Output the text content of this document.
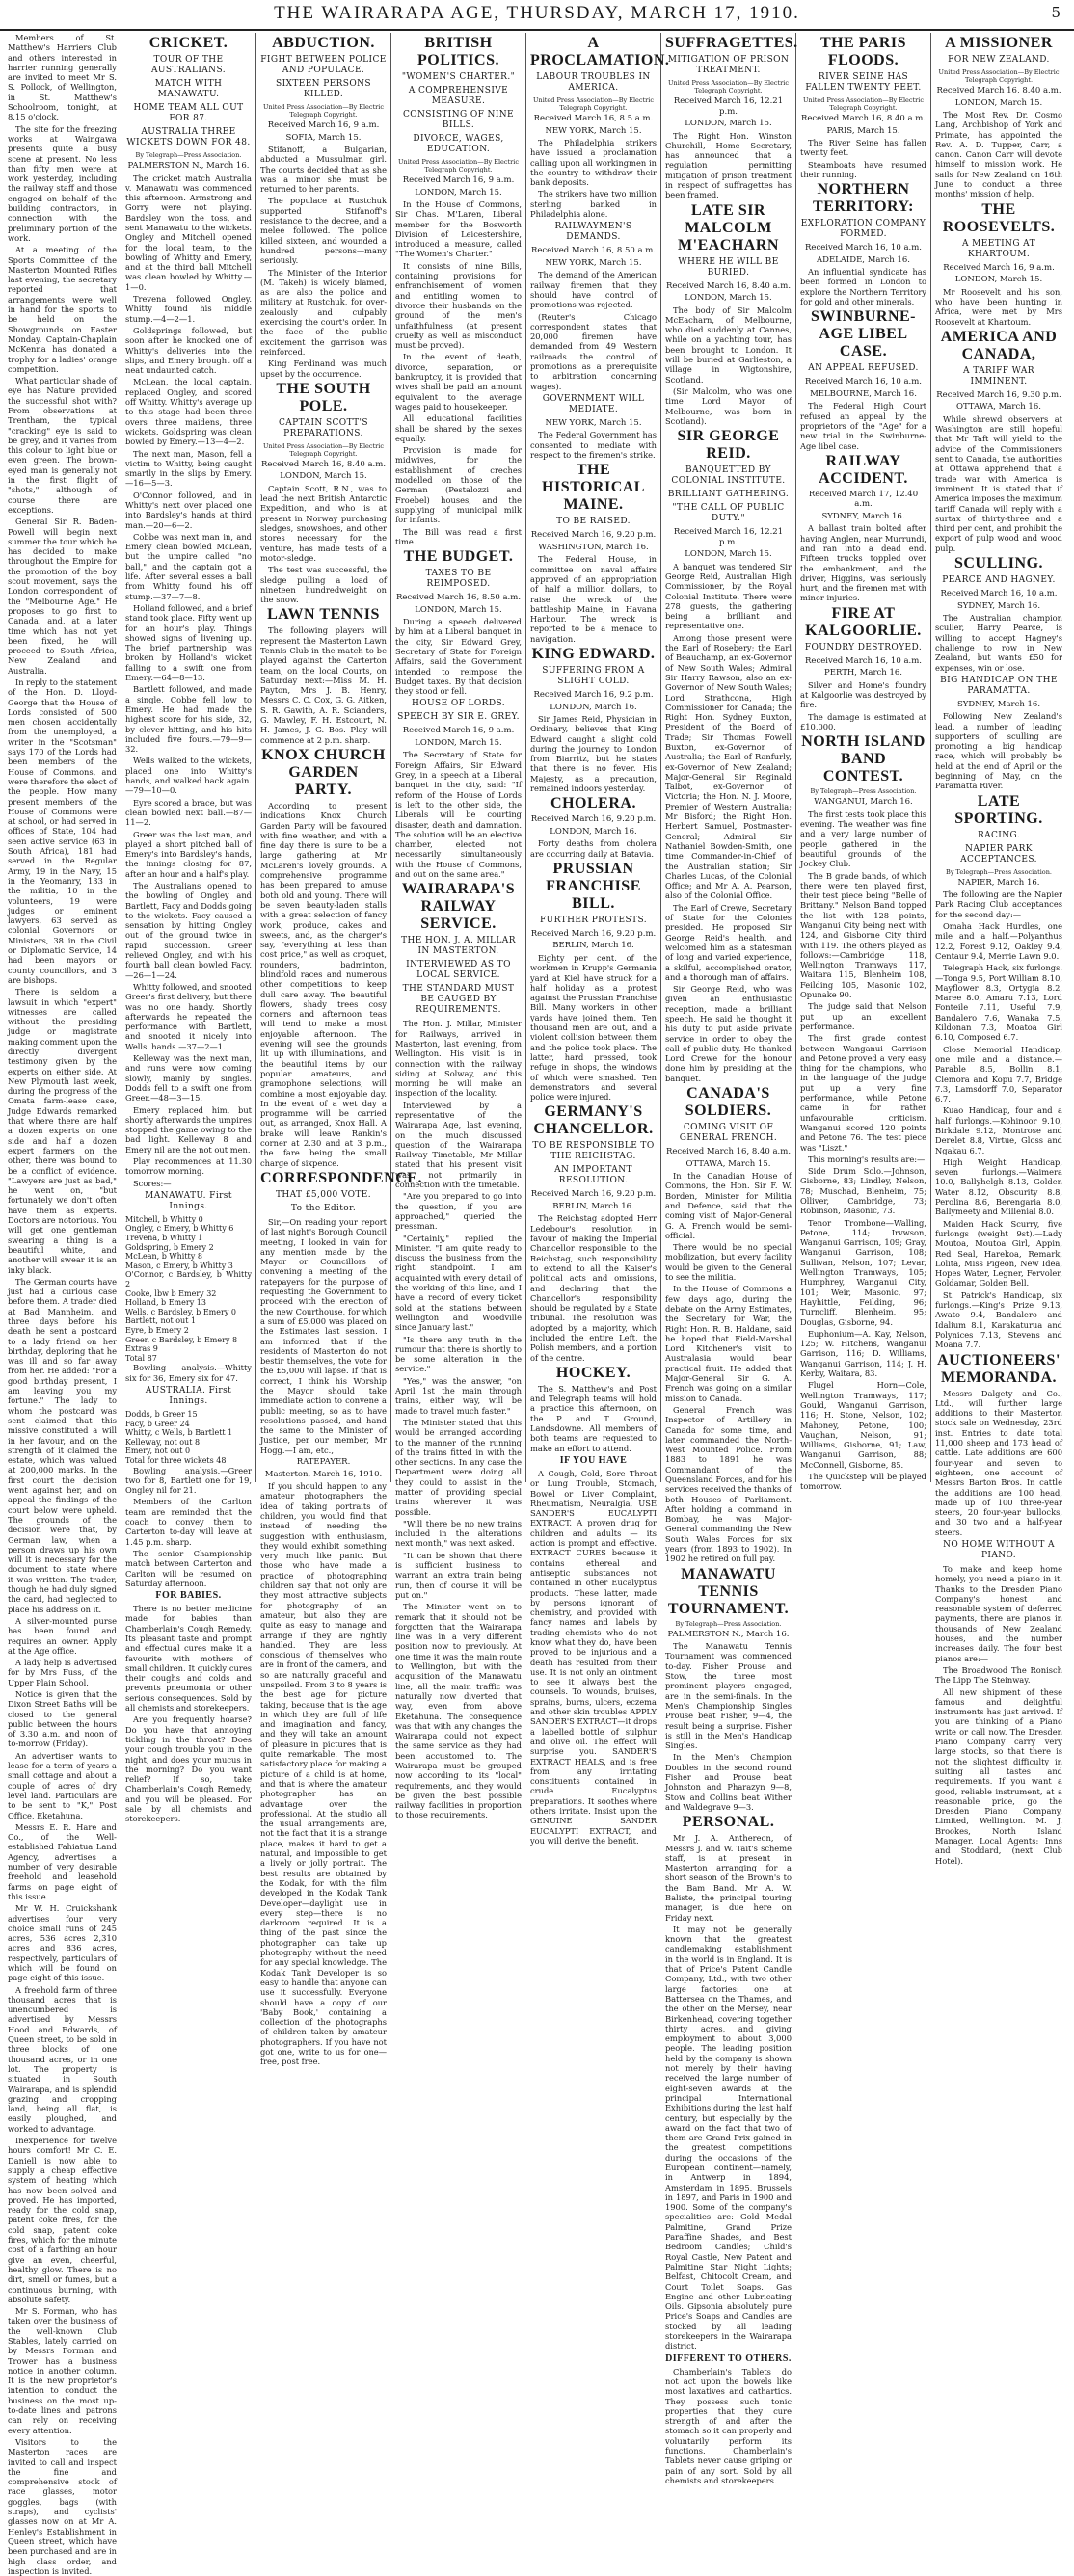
THE WAIRARAPA AGE, THURSDAY, MARCH 17, 1910.	5

Members of St. Matthew's Harriers Club and others interested in harrier running generally are invited to meet Mr S. S. Pollock, of Wellington, in St. Matthew's Schoolroom, tonight, at 8.15 o'clock.

The site for the freezing works at Waingawa presents quite a busy scene at present. No less than fifty men were at work yesterday, including the railway staff and those engaged on behalf of the building contractors, in connection with the preliminary portion of the work.

At a meeting of the Sports Committee of the Masterton Mounted Rifles last evening, the secretary reported that arrangements were well in hand for the sports to be held on the Showgrounds on Easter Monday. Captain-Chaplain McKenna has donated a trophy for a ladies' orange competition.

What particular shade of eye has Nature provided the successful shot with? From observations at Trentham, the typical "cracking" eye is said to be grey, and it varies from this colour to light blue or even green. The brown-eyed man is generally not in the first flight of "shots," although of course there are exceptions.

General Sir R. Baden-Powell will begin next summer the tour which he has decided to make throughout the Empire for the promotion of the boy scout movement, says the London correspondent of the "Melbourne Age." He proposes to go first to Canada, and, at a later time which has not yet been fixed, he will proceed to South Africa, New Zealand and Australia.

In reply to the statement of the Hon. D. Lloyd-George that the House of Lords consisted of 500 men chosen accidentally from the unemployed, a writer in the "Scotsman" says 170 of the Lords had been members of the House of Commons, and were therefore the elect of the people. How many present members of the House of Commons were at school, or had served in offices of State, 104 had seen active service (63 in South Africa), 181 had served in the Regular Army, 19 in the Navy, 15 in the Yeomanry, 133 in the militia, 10 in the volunteers, 19 were judges or eminent lawyers, 63 served as colonial Governors or Ministers, 38 in the Civil or Diplomatic Service, 14 had been mayors or county councillors, and 3 are bishops.

There is seldom a lawsuit in which "expert" witnesses are called without the presiding judge or magistrate making comment upon the directly divergent testimony given by the experts on either side. At New Plymouth last week, during the progress of the Omata farm-lease case, Judge Edwards remarked that where there are half a dozen experts on one side and half a dozen expert farmers on the other, there was bound to be a conflict of evidence. "Lawyers are just as bad," he went on, "but fortunately we don't often have them as experts. Doctors are notorious. You will get one gentleman swearing a thing is a beautiful white, and another will swear it is an inky black.

The German courts have just had a curious case before them. A trader died at Bad Mannheim, and three days before his death he sent a postcard to a lady friend on her birthday, deploring that he was ill and so far away from her. He added: "For a good birthday present, I am leaving you my fortune." The lady to whom the postcard was sent claimed that this missive constituted a will in her favour, and on the strength of it claimed the estate, which was valued at 200,000 marks. In the first court the decision went against her, and on appeal the findings of the court below were upheld. The grounds of the decision were that, by German law, when a person draws up his own will it is necessary for the document to state where it was written. The trader, though he had duly signed the card, had neglected to place his address on it.

A silver-mounted purse has been found and requires an owner. Apply at the Age office.

A lady help is advertised for by Mrs Fuss, of the Upper Plain School.

Notice is given that the Dixon Street Baths will be closed to the general public between the hours of 3.30 a.m. and noon of to-morrow (Friday).

An advertiser wants to lease for a term of years a small cottage and about a couple of acres of dry level land. Particulars are to be sent to "K," Post Office, Eketahuna.

Messrs E. R. Hare and Co., of the Well-established Fahiatua Land Agency, advertises a number of very desirable freehold and leasehold farms on page eight of this issue.

Mr W. H. Cruickshank advertises four very choice small runs of 245 acres, 536 acres 2,310 acres and 836 acres, respectively, particulars of which will be found on page eight of this issue.

A freehold farm of three thousand acres that is unencumbered is advertised by Messrs Hood and Edwards, of Queen street, to be sold in three blocks of one thousand acres, or in one lot. The property is situated in South Wairarapa, and is splendid grazing and cropping land, being all flat, is easily ploughed, and worked to advantage.

Inexperience for twelve hours comfort! Mr C. E. Daniell is now able to supply a cheap effective system of heating which has now been solved and proved. He has imported, ready for the cold snap, patent coke fires, for the cold snap, patent coke fires, which for the minute cost of a farthing an hour give an even, cheerful, healthy glow. There is no dirt, smell or fumes, but a continuous burning, with absolute safety.

Mr S. Forman, who has taken over the business of the well-known Club Stables, lately carried on by Messrs Forman and Trower has a business notice in another column. It is the new proprietor's intention to conduct the business on the most up-to-date lines and patrons can rely on receiving every attention.

Visitors to the Masterton races are invited to call and inspect the fine and comprehensive stock of race glasses, motor goggles, bags (with straps), and cyclists' glasses now on at Mr A. Henley's Establishment in Queen street, which have been purchased and are in high class order, and inspection is invited.

CRICKET.
TOUR OF THE AUSTRALIANS.
MATCH WITH MANAWATU.
HOME TEAM ALL OUT FOR 87.
AUSTRALIA THREE WICKETS DOWN FOR 48.
By Telegraph—Press Association.
PALMERSTON N., March 16.

The cricket match Australia v. Manawatu was commenced this afternoon. Armstrong and Gorry were not playing. Bardsley won the toss, and sent Manawatu to the wickets. Ongley and Mitchell opened for the local team, to the bowling of Whitty and Emery, and at the third ball Mitchell was clean bowled by Whitty.—1—0.

Trevena followed Ongley. Whitty found his middle stump.—4—2—1.

Goldsprings followed, but soon after he knocked one of Whitty's deliveries into the slips, and Emery brought off a neat undaunted catch.

McLean, the local captain, replaced Ongley, and scored off Whitty. Whitty's average up to this stage had been three overs three maidens, three wickets. Goldspring was clean bowled by Emery.—13—4—2.

The next man, Mason, fell a victim to Whitty, being caught smartly in the slips by Emery.—16—5—3.

O'Connor followed, and in Whitty's next over placed one into Bardsley's hands at third man.—20—6—2.

Cobbe was next man in, and Emery clean bowled McLean, but the umpire called "no ball," and the captain got a life. After several esses a ball from Whitty found his off stump.—37—7—8.

Holland followed, and a brief stand took place. Fifty went up for an hour's play. Things showed signs of livening up. The brief partnership was broken by Holland's wicket falling to a swift one from Emery.—64—8—13.

Bartlett followed, and made a single. Cobbe fell low to Emery. He had made the highest score for his side, 32, by clever hitting, and his hits included five fours.—79—9—32.

Wells walked to the wickets, placed one into Whitty's hands, and walked back again.—79—10—0.

Eyre scored a brace, but was clean bowled next ball.—87—11—2.

Greer was the last man, and played a short pitched ball of Emery's into Bardsley's hands, the innings closing for 87, after an hour and a half's play.

The Australians opened to the bowling of Ongley and Bartlett, Facy and Dodds going to the wickets. Facy caused a sensation by hitting Ongley out of the ground twice in rapid succession. Greer relieved Ongley, and with his fourth ball clean bowled Facy.—26—1—24.

Whitty followed, and snooted Greer's first delivery, but there was no one handy. Shortly afterwards he repeated the performance with Bartlett, and snooted it nicely into Wells' hands.—37—2—1.

Kelleway was the next man, and runs were now coming slowly, mainly by singles. Dodds fell to a swift one from Greer.—48—3—15.

Emery replaced him, but shortly afterwards the umpires stopped the game owing to the bad light. Kelleway 8 and Emery nil are the not out men.

Play recommences at 11.30 tomorrow morning.

Scores:—

MANAWATU. First Innings.
Mitchell, b Whitty 0
Ongley, c Emery, b Whitty 6
Trevena, b Whitty 1
Goldspring, b Emery 2
McLean, b Whitty 8
Mason, c Emery, b Whitty 3
O'Connor, c Bardsley, b Whitty 2
Cooke, lbw b Emery 32
Holland, b Emery 13
Wells, c Bardsley, b Emery 0
Bartlett, not out 1
Eyre, b Emery 2
Greer, c Bardsley, b Emery 8
Extras 9
Total 87

Bowling analysis.—Whitty six for 36, Emery six for 47.

AUSTRALIA. First Innings.
Dodds, b Greer 15
Facy, b Greer 24
Whitty, c Wells, b Bartlett 1
Kelleway, not out 8
Emery, not out 0
Total for three wickets 48

Bowling analysis.—Greer two for 8, Bartlett one for 19, Ongley nil for 21.

Members of the Carlton team are reminded that the coach to convey them to Carterton to-day will leave at 1.45 p.m. sharp.

The senior Championship match between Carterton and Carlton will be resumed on Saturday afternoon.

FOR BABIES.

There is no better medicine made for babies than Chamberlain's Cough Remedy. Its pleasant taste and prompt and effectual cures make it a favourite with mothers of small children. It quickly cures their coughs and colds and prevents pneumonia or other serious consequences. Sold by all chemists and storekeepers.

Are you frequently hoarse? Do you have that annoying tickling in the throat? Does your cough trouble you in the night, and does your mucus in the morning? Do you want relief? If so, take Chamberlain's Cough Remedy, and you will be pleased. For sale by all chemists and storekeepers.

ABDUCTION.
FIGHT BETWEEN POLICE AND POPULACE.
SIXTEEN PERSONS KILLED.
United Press Association—By Electric Telegraph Copyright.
Received March 16, 9 a.m.
SOFIA, March 15.

Stifanoff, a Bulgarian, abducted a Mussulman girl. The courts decided that as she was a minor she must be returned to her parents.

The populace at Rustchuk supported Stifanoff's resistance to the decree, and a melee followed. The police killed sixteen, and wounded a hundred persons—many seriously.

The Minister of the Interior (M. Takeh) is widely blamed, as are also the police and military at Rustchuk, for over-zealously and culpably exercising the court's order. In the face of the public excitement the garrison was reinforced.

King Ferdinand was much upset by the occurrence.

THE SOUTH POLE.
CAPTAIN SCOTT'S PREPARATIONS.
United Press Association—By Electric Telegraph Copyright.
Received March 16, 8.40 a.m.
LONDON, March 15.

Captain Scott, R.N., was to lead the next British Antarctic Expedition, and who is at present in Norway purchasing sledges, snowshoes, and other stores necessary for the venture, has made tests of a motor-sledge.

The test was successful, the sledge pulling a load of nineteen hundredweight on the snow.

LAWN TENNIS

The following players will represent the Masterton Lawn Tennis Club in the match to be played against the Carterton team, on the local Courts, on Saturday next:—Miss M. H. Payton, Mrs J. B. Henry, Messrs C. C. Cox, G. G. Aitken, S. R. Gawith, A. R. Scianders, G. Mawley, F. H. Estcourt, N. H. James, J. G. Bos. Play will commence at 2 p.m. sharp.

KNOX CHURCH GARDEN PARTY.

According to present indications Knox Church Garden Party will be favoured with fine weather, and with a fine day there is sure to be a large gathering at Mr McLaren's lovely grounds. A comprehensive programme has been prepared to amuse both old and young. There will be seven beauty-laden stalls with a great selection of fancy work, produce, cakes and sweets, and, as the charger's say, "everything at less than cost price," as well as croquet, rounders, badminton, blindfold races and numerous other competitions to keep dull care away. The beautiful flowers, shady trees cosy corners and afternoon teas will tend to make a most enjoyable afternoon. The evening will see the grounds lit up with illuminations, and the beautiful items by our popular amateurs, and gramophone selections, will combine a most enjoyable day. In the event of a wet day a programme will be carried out, as arranged, Knox Hall. A brake will leave Rankin's corner at 2.30 and at 3 p.m., the fare being the small charge of sixpence.

CORRESPONDENCE.
THAT £5,000 VOTE.
To the Editor.

Sir,—On reading your report of last night's Borough Council meeting, I looked in vain for any mention made by the Mayor or Councillors of convening a meeting of the ratepayers for the purpose of requesting the Government to proceed with the erection of the new Courthouse, for which a sum of £5,000 was placed on the Estimates last session. I am informed that if the residents of Masterton do not bestir themselves, the vote for the £5,000 will lapse. If that is correct, I think his Worship the Mayor should take immediate action to convene a public meeting, so as to have resolutions passed, and hand the same to the Minister of Justice, per our member, Mr Hogg.—I am, etc.,

RATEPAYER.
Masterton, March 16, 1910.

If you should happen to any amateur photographers the idea of taking portraits of children, you would find that instead of needing the suggestion with enthusiasm, they would exhibit something very much like panic. But those who have made a practice of photographing children say that not only are they most attractive subjects for photography of an amateur, but also they are quite as easy to manage and arrange if they are rightly handled. They are less conscious of themselves who are in front of the camera, and so are naturally graceful and unspoiled. From 3 to 8 years is the best age for picture taking, because that is the age in which they are full of life and imagination and fancy, and they will take an amount of pleasure in pictures that is quite remarkable. The most satisfactory place for making a picture of a child is at home, and that is where the amateur photographer has an advantage over the professional. At the studio all the usual arrangements are, not the fact that it is a strange place, makes it hard to get a natural, and impossible to get a lively or jolly portrait. The best results are obtained by the Kodak, for with the film developed in the Kodak Tank Developer—daylight use in every step—there is no darkroom required. It is a thing of the past since the photographer can take up photography without the need for any special knowledge. The Kodak Tank Developer is so easy to handle that anyone can use it successfully. Everyone should have a copy of our 'Baby Book,' containing a collection of the photographs of children taken by amateur photographers. If you have not got one, write to us for one—free, post free.

BRITISH POLITICS.
"WOMEN'S CHARTER."
A COMPREHENSIVE MEASURE.
CONSISTING OF NINE BILLS.
DIVORCE, WAGES, EDUCATION.
United Press Association—By Electric Telegraph Copyright.
Received March 16, 9 a.m.
LONDON, March 15.

In the House of Commons, Sir Chas. M'Laren, Liberal member for the Bosworth Division of Leicestershire, introduced a measure, called "The Women's Charter."

It consists of nine Bills, containing provisions for enfranchisement of women and entitling women to divorce their husbands on the ground of the men's unfaithfulness (at present cruelty as well as misconduct must be proved).

In the event of death, divorce, separation, or bankruptcy, it is provided that wives shall be paid an amount equivalent to the average wages paid to housekeeper.

All educational facilities shall be shared by the sexes equally.

Provision is made for midwives, for the establishment of creches modelled on those of the German (Pestalozzi and Froebel) houses, and the supplying of municipal milk for infants.

The Bill was read a first time.

THE BUDGET.
TAXES TO BE REIMPOSED.
Received March 16, 8.50 a.m.
LONDON, March 15.

During a speech delivered by him at a Liberal banquet in the city, Sir Edward Grey, Secretary of State for Foreign Affairs, said the Government intended to reimpose the Budget taxes. By that decision they stood or fell.

HOUSE OF LORDS.
SPEECH BY SIR E. GREY.
Received March 16, 9 a.m.
LONDON, March 15.

The Secretary of State for Foreign Affairs, Sir Edward Grey, in a speech at a Liberal banquet in the city, said: "If reform of the House of Lords is left to the other side, the Liberals will be courting disaster, death and damnation. The solution will be an elective chamber, elected not necessarily simultaneously with the House of Commons, and out on the same area."

WAIRARAPA'S RAILWAY SERVICE.
THE HON. J. A. MILLAR IN MASTERTON.
INTERVIEWED AS TO LOCAL SERVICE.
THE STANDARD MUST BE GAUGED BY REQUIREMENTS.

The Hon. J. Millar, Minister for Railways, arrived in Masterton, last evening, from Wellington. His visit is in connection with the railway siding at Solway, and this morning he will make an inspection of the locality.

Interviewed by a representative of the Wairarapa Age, last evening, on the much discussed question of the Wairarapa Railway Timetable, Mr Millar stated that his present visit was not primarily in connection with the timetable.

"Are you prepared to go into the question, if you are approached," queried the pressman.

"Certainly," replied the Minister. "I am quite ready to discuss the business from the right standpoint. I am acquainted with every detail of the working of this line, and I have a record of every ticket sold at the stations between Wellington and Woodville since January last."

"Is there any truth in the rumour that there is shortly to be some alteration in the service."

"Yes," was the answer, "on April 1st the main through trains, either way, will be made to travel much faster."

The Minister stated that this would be arranged according to the manner of the running of the trains fitted in with the other sections. In any case the Department were doing all they could to assist in the matter of providing special trains wherever it was possible.

"Will there be no new trains included in the alterations next month," was next asked.

"It can be shown that there is sufficient business to warrant an extra train being run, then of course it will be put on."

The Minister went on to remark that it should not be forgotten that the Wairarapa line was in a very different position now to previously. At one time it was the main route to Wellington, but with the acquisition of the Manawatu line, all the main traffic was naturally now diverted that way, even from above Eketahuna. The consequence was that with any changes the Wairarapa could not expect the same service as they had been accustomed to. The Wairarapa must be grouped now according to its "local" requirements, and they would be given the best possible railway facilities in proportion to those requirements.

A PROCLAMATION.
LABOUR TROUBLES IN AMERICA.
United Press Association—By Electric Telegraph Copyright.
Received March 16, 8.5 a.m.
NEW YORK, March 15.

The Philadelphia strikers have issued a proclamation calling upon all workingmen in the country to withdraw their bank deposits.

The strikers have two million sterling banked in Philadelphia alone.

RAILWAYMEN'S DEMANDS.
Received March 16, 8.50 a.m.
NEW YORK, March 15.

The demand of the American railway firemen that they should have control of promotions was rejected.

(Reuter's Chicago correspondent states that 20,000 firemen have demanded from 49 Western railroads the control of promotions as a prerequisite to arbitration concerning wages).

GOVERNMENT WILL MEDIATE.
NEW YORK, March 15.

The Federal Government has consented to mediate with respect to the firemen's strike.

THE HISTORICAL MAINE.
TO BE RAISED.
Received March 16, 9.20 p.m.
WASHINGTON, March 16.

The Federal House, in committee on naval affairs approved of an appropriation of half a million dollars, to raise the wreck of the battleship Maine, in Havana Harbour. The wreck is reported to be a menace to navigation.

KING EDWARD.
SUFFERING FROM A SLIGHT COLD.
Received March 16, 9.2 p.m.
LONDON, March 16.

Sir James Reid, Physician in Ordinary, believes that King Edward caught a slight cold during the journey to London from Biarritz, but he states that there is no fever. His Majesty, as a precaution, remained indoors yesterday.

CHOLERA.
Received March 16, 9.20 p.m.
LONDON, March 16.

Forty deaths from cholera are occurring daily at Batavia.

PRUSSIAN FRANCHISE BILL.
FURTHER PROTESTS.
Received March 16, 9.20 p.m.
BERLIN, March 16.

Eighty per cent. of the workmen in Krupp's Germania yard at Kiel have struck for a half holiday as a protest against the Prussian Franchise Bill. Many workers in other yards have joined them. Ten thousand men are out, and a violent collision between them and the police took place. The latter, hard pressed, took refuge in shops, the windows of which were smashed. Ten demonstrators and several police were injured.

GERMANY'S CHANCELLOR.
TO BE RESPONSIBLE TO THE REICHSTAG.
AN IMPORTANT RESOLUTION.
Received March 16, 9.20 p.m.
BERLIN, March 16.

The Reichstag adopted Herr Ledebour's resolution in favour of making the Imperial Chancellor responsible to the Reichstag, such responsibility to extend to all the Kaiser's political acts and omissions, and declaring that the Chancellor's responsibility should be regulated by a State tribunal. The resolution was adopted by a majority, which included the entire Left, the Polish members, and a portion of the centre.

HOCKEY.

The S. Matthew's and Post and Telegraph teams will hold a practice this afternoon, on the P. and T. Ground, Landsdowne. All members of both teams are requested to make an effort to attend.

IF YOU HAVE

A Cough, Cold, Sore Throat or Lung Trouble, Stomach, Bowel or Liver Complaint, Rheumatism, Neuralgia, USE SANDER'S EUCALYPTI EXTRACT. A proven drug for children and adults — its action is prompt and effective. EXTRACT CURES because it contains ethereal and antiseptic substances not contained in other Eucalyptus products. These latter, made by persons ignorant of chemistry, and provided with fancy names and labels by trading chemists who do not know what they do, have been proved to be injurious and a death has resulted from their use. It is not only an ointment to see it always best the counsels. To wounds, bruises, sprains, burns, ulcers, eczema and other skin troubles APPLY SANDER'S EXTRACT—it drops a labelled bottle of sulphur and olive oil. The effect will surprise you. SANDER'S EXTRACT HEALS, and is free from any irritating constituents contained in crude Eucalyptus preparations. It soothes where others irritate. Insist upon the GENUINE SANDER EUCALYPTI EXTRACT, and you will derive the benefit.

SUFFRAGETTES.
MITIGATION OF PRISON TREATMENT.
United Press Association—By Electric Telegraph Copyright.
Received March 16, 12.21 p.m.
LONDON, March 15.

The Right Hon. Winston Churchill, Home Secretary, has announced that a regulation permitting mitigation of prison treatment in respect of suffragettes has been framed.

LATE SIR MALCOLM M'EACHARN
WHERE HE WILL BE BURIED.
Received March 16, 8.40 a.m.
LONDON, March 15.

The body of Sir Malcolm McEacharn, of Melbourne, who died suddenly at Cannes, while on a yachting tour, has been brought to London. It will be buried at Garlieston, a village in Wigtonshire, Scotland.

(Sir Malcolm, who was one time Lord Mayor of Melbourne, was born in Scotland).

SIR GEORGE REID.
BANQUETTED BY COLONIAL INSTITUTE.
BRILLIANT GATHERING.
"THE CALL OF PUBLIC DUTY."
Received March 16, 12.21 p.m.
LONDON, March 15.

A banquet was tendered Sir George Reid, Australian High Commissioner, by the Royal Colonial Institute. There were 278 guests, the gathering being a brilliant and representative one.

Among those present were the Earl of Rosebery; the Earl of Beauchamp, an ex-Governor of New South Wales; Admiral Sir Harry Rawson, also an ex-Governor of New South Wales; Lord Strathcona, High Commissioner for Canada; the Right Hon. Sydney Buxton, President of the Board of Trade; Sir Thomas Fowell Buxton, ex-Governor of Australia; the Earl of Ranfurly, ex-Governor of New Zealand; Major-General Sir Reginald Talbot, ex-Governor of Victoria; the Hon. N. J. Moore, Premier of Western Australia; Mr Bisford; the Right Hon. Herbert Samuel, Postmaster-General; Admiral Sir Nathaniel Bowden-Smith, one time Commander-in-Chief of the Australian station; Sir Charles Lucas, of the Colonial Office; and Mr A. A. Pearson, also of the Colonial Office.

The Earl of Crewe, Secretary of State for the Colonies presided. He proposed Sir George Reid's health, and welcomed him as a statesman of long and varied experience, a skilful, accomplished orator, and a thorough man of affairs.

Sir George Reid, who was given an enthusiastic reception, made a brilliant speech. He said he thought it his duty to put aside private service in order to obey the call of public duty. He thanked Lord Crewe for the honour done him by presiding at the banquet.

CANADA'S SOLDIERS.
COMING VISIT OF GENERAL FRENCH.
Received March 16, 8.40 a.m.
OTTAWA, March 15.

In the Canadian House of Commons, the Hon. Sir F. W. Borden, Minister for Militia and Defence, said that the coming visit of Major-General G. A. French would be semi-official.

There would be no special mobilization, but every facility would be given to the General to see the militia.

In the House of Commons a few days ago, during the debate on the Army Estimates, the Secretary for War, the Right Hon. R. B. Haldane, said he hoped that Field-Marshal Lord Kitchener's visit to Australasia would bear practical fruit. He added that Major-General Sir G. A. French was going on a similar mission to Canada.

General French was Inspector of Artillery in Canada for some time, and later commanded the North-West Mounted Police. From 1883 to 1891 he was Commandant of the Queensland Forces, and for his services received the thanks of both Houses of Parliament. After holding a command in Bombay, he was Major-General commanding the New South Wales Forces for six years (from 1893 to 1902). In 1902 he retired on full pay.

MANAWATU TENNIS TOURNAMENT.
By Telegraph—Press Association.
PALMERSTON N., March 16.

The Manawatu Tennis Tournament was commenced to-day. Fisher Prouse and Stow, the three most prominent players engaged, are in the semi-finals. In the Men's Championship Singles Prouse beat Fisher, 9—4, the result being a surprise. Fisher is still in the Men's Handicap Singles.

In the Men's Champion Doubles in the second round Fisher and Prouse beat Johnston and Pharazyn 9—8, Stow and Collins beat Wither and Waldegrave 9—3.

PERSONAL.

Mr J. A. Anthereon, of Messrs J. and W. Tait's scheme staff, is at present in Masterton arranging for a short season of the Brown's to the Bam Band. Mr A. W. Baliste, the principal touring manager, is due here on Friday next.

It may not be generally known that the greatest candlemaking establishment in the world is in England. It is that of Price's Patent Candle Company, Ltd., with two other large factories: one at Battersea on the Thames, and the other on the Mersey, near Birkenhead, covering together thirty acres, and giving employment to about 3,000 people. The leading position held by the company is shown not merely by their having received the large number of eight-seven awards at the principal International Exhibitions during the last half century, but especially by the award on the fact that two of them are Grand Prix gained in the greatest competitions during the occasions of the European continent—namely, in Antwerp in 1894, Amsterdam in 1895, Brussels in 1897, and Paris in 1900 and 1900. Some of the company's specialities are: Gold Medal Palmitine, Grand Prize Paraffine Shades, and Best Bedroom Candles; Child's Royal Castle, New Patent and Palmitine Star Night Lights; Belfast, Chitocolt Cream, and Court Toilet Soaps. Gas Engine and other Lubricating Oils. Gipsonia absolutely pure Price's Soaps and Candles are stocked by all leading storekeepers in the Wairarapa district.

DIFFERENT TO OTHERS.

Chamberlain's Tablets do not act upon the bowels like most laxatives and cathartics. They possess such tonic properties that they cure strength of and after the stomach so it can properly and voluntarily perform its functions. Chamberlain's Tablets never cause griping or pain of any sort. Sold by all chemists and storekeepers.

THE PARIS FLOODS.
RIVER SEINE HAS FALLEN TWENTY FEET.
United Press Association—By Electric Telegraph Copyright.
Received March 16, 8.40 a.m.
PARIS, March 15.

The River Seine has fallen twenty feet.

Steamboats have resumed their running.

NORTHERN TERRITORY:
EXPLORATION COMPANY FORMED.
Received March 16, 10 a.m.
ADELAIDE, March 16.

An influential syndicate has been formed in London to explore the Northern Territory for gold and other minerals.

SWINBURNE-AGE LIBEL CASE.
AN APPEAL REFUSED.
Received March 16, 10 a.m.
MELBOURNE, March 16.

The Federal High Court refused an appeal by the proprietors of the "Age" for a new trial in the Swinburne-Age libel case.

RAILWAY ACCIDENT.
Received March 17, 12.40 a.m.
SYDNEY, March 16.

A ballast train bolted after having Anglen, near Murrundi, and ran into a dead end. Fifteen trucks toppled over the embankment, and the driver, Higgins, was seriously hurt, and the firemen met with minor injuries.

FIRE AT KALGOORLIE.
FOUNDRY DESTROYED.
Received March 16, 10 a.m.
PERTH, March 16.

Silver and Home's foundry at Kalgoorlie was destroyed by fire.

The damage is estimated at £10,000.

NORTH ISLAND BAND CONTEST.
By Telegraph—Press Association.
WANGANUI, March 16.

The first tests took place this evening. The weather was fine and a very large number of people gathered in the beautiful grounds of the Jockey Club.

The B grade bands, of which there were ten played first, their test piece being "Belle of Brittany." Nelson Band topped the list with 128 points, Wanganui City being next with 124, and Gisborne City third with 119. The others played as follows:—Cambridge 118, Wellington Tramways 117, Waitara 115, Blenheim 108, Feilding 105, Masonic 102, Opunake 90.

The judge said that Nelson put up an excellent performance.

The first grade contest between Wanganui Garrison and Petone proved a very easy thing for the champions, who in the language of the judge put up a very fine performance, while Petone came in for rather unfavourable criticism. Wanganui scored 120 points and Petone 76. The test piece was "Liszt."

This morning's results are:—

Side Drum Solo.—Johnson, Gisborne, 83; Lindley, Nelson, 78; Muschad, Blenheim, 75; Olliver, Cambridge, 73; Robinson, Masonic, 73.

Tenor Trombone—Walling, Petone, 114; Irvwson, Wanganui Garrison, 109; Gray, Wanganui Garrison, 108; Sullivan, Nelson, 107; Levar, Wellington Tramways, 105; Humphrey, Wanganui City, 101; Weir, Masonic, 97; Hayhittle, Feilding, 96; Turncliff, Blenheim, 95; Douglas, Gisborne, 94.

Euphonium—A. Kay, Nelson, 125; W. Hitchens, Wanganui Garrison, 116; D. Williams, Wanganui Garrison, 114; J. H. Kerby, Waitara, 83.

Flugel Horn—Cole, Wellington Tramways, 117; Gould, Wanganui Garrison, 116; H. Stone, Nelson, 102; Mahoney, Petone, 100; Vaughan, Nelson, 91; Williams, Gisborne, 91; Law, Wanganui Garrison, 88; McConnell, Gisborne, 85.

The Quickstep will be played tomorrow.

A MISSIONER
FOR NEW ZEALAND.
United Press Association—By Electric Telegraph Copyright.
Received March 16, 8.40 a.m.
LONDON, March 15.

The Most Rev. Dr. Cosmo Lang, Archbishop of York and Primate, has appointed the Rev. A. D. Tupper, Carr, a canon. Canon Carr will devote himself to mission work. He sails for New Zealand on 16th June to conduct a three months' mission of help.

THE ROOSEVELTS.
A MEETING AT KHARTOUM.
Received March 16, 9 a.m.
LONDON, March 15.

Mr Roosevelt and his son, who have been hunting in Africa, were met by Mrs Roosevelt at Khartoum.

AMERICA AND CANADA,
A TARIFF WAR IMMINENT.
Received March 16, 9.30 p.m.
OTTAWA, March 16.

While shrewd observers at Washington are still hopeful that Mr Taft will yield to the advice of the Commissioners sent to Canada, the authorities at Ottawa apprehend that a trade war with America is imminent. It is stated that if America imposes the maximum tariff Canada will reply with a surtax of thirty-three and a third per cent, and prohibit the export of pulp wood and wood pulp.

SCULLING.
PEARCE AND HAGNEY.
Received March 16, 10 a.m.
SYDNEY, March 16.

The Australian champion sculler, Harry Pearce, is willing to accept Hagney's challenge to row in New Zealand, but wants £50 for expenses, win or lose.

BIG HANDICAP ON THE PARAMATTA.
SYDNEY, March 16.

Following New Zealand's lead, a number of leading supporters of sculling are promoting a big handicap race, which will probably be held at the end of April or the beginning of May, on the Paramatta River.

LATE SPORTING.
RACING.
NAPIER PARK ACCEPTANCES.
By Telegraph—Press Association.
NAPIER, March 16.

The following are the Napier Park Racing Club acceptances for the second day:—

Omaha Hack Hurdles, one mile and a half.—Polyanthus 12.2, Forest 9.12, Oakley 9.4, Centaur 9.4, Merrie Lawn 9.0.

Telegraph Hack, six furlongs.—Tonga 9.5, Port William 8.10, Mayflower 8.3, Ortygia 8.2, Maree 8.0, Amaru 7.13, Lord Fonteile 7.11, Useful 7.9, Bandalero 7.6, Wanaka 7.5, Kildonan 7.3, Moatoa Girl 6.10, Composed 6.7.

Close Memorial Handicap, one mile and a distance.—Parable 8.5, Bollin 8.1, Clemora and Kopu 7.7, Bridge 7.3, Lamsdorff 7.0, Separator 6.7.

Kuao Handicap, four and a half furlongs.—Kohinoor 9.10, Birkdale 9.12, Montrose and Derelet 8.8, Virtue, Gloss and Ngakau 6.7.

High Weight Handicap, seven furlongs.—Waimera 10.0, Ballyhelgh 8.13, Golden Water 8.12, Obscurity 8.8, Perolina 8.6, Berengaria 8.0, Ballymeety and Millenial 8.0.

Maiden Hack Scurry, five furlongs (weight 9st).—Lady Moutoa, Moutoa Girl, Appin, Red Seal, Harekoa, Remark, Lolita, Miss Pigeon, New Idea, Hopes Water, Legner, Fervoler, Goldamar, Golden Bell.

St. Patrick's Handicap, six furlongs.—King's Prize 9.13, Awato 9.4, Bandalero and Idalium 8.1, Karakaturua and Polynices 7.13, Stevens and Moana 7.7.

AUCTIONEERS' MEMORANDA.

Messrs Dalgety and Co., Ltd., will further large additions to their Masterton stock sale on Wednesday, 23rd inst. Entries to date total 11,000 sheep and 173 head of cattle. Late additions are 600 four-year and seven to eighteen, one account of Messrs Barton Bros. In cattle the additions are 100 head, made up of 100 three-year steers, 20 four-year bullocks, and 30 two and a half-year steers.

NO HOME WITHOUT A PIANO.

To make and keep home homely, you need a piano in it. Thanks to the Dresden Piano Company's honest and reasonable system of deferred payments, there are pianos in thousands of New Zealand houses, and the number increases daily. The four best pianos are:—

The Broadwood The Ronisch The Lipp The Steinway.

All new shipment of these famous and delightful instruments has just arrived. If you are thinking of a Piano write or call now. The Dresden Piano Company carry very large stocks, so that there is not the slightest difficulty in suiting all tastes and requirements. If you want a good, reliable instrument, at a reasonable price, go the Dresden Piano Company, Limited, Wellington. M. J. Brookes, North Island Manager. Local Agents: Inns and Stoddard, (next Club Hotel).
